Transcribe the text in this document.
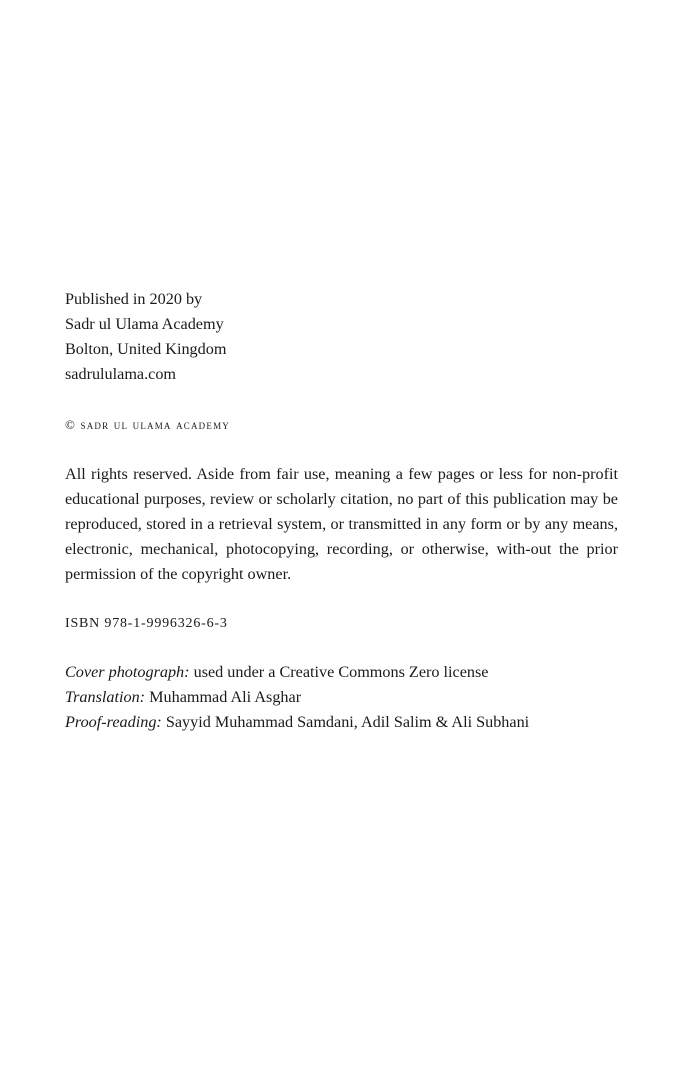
Published in 2020 by
Sadr ul Ulama Academy
Bolton, United Kingdom
sadrululama.com
© sadr ul ulama academy
All rights reserved. Aside from fair use, meaning a few pages or less for non-profit educational purposes, review or scholarly citation, no part of this publication may be reproduced, stored in a retrieval system, or transmitted in any form or by any means, electronic, mechanical, photocopying, recording, or otherwise, with-out the prior permission of the copyright owner.
ISBN 978-1-9996326-6-3
Cover photograph: used under a Creative Commons Zero license
Translation: Muhammad Ali Asghar
Proof-reading: Sayyid Muhammad Samdani, Adil Salim & Ali Subhani
